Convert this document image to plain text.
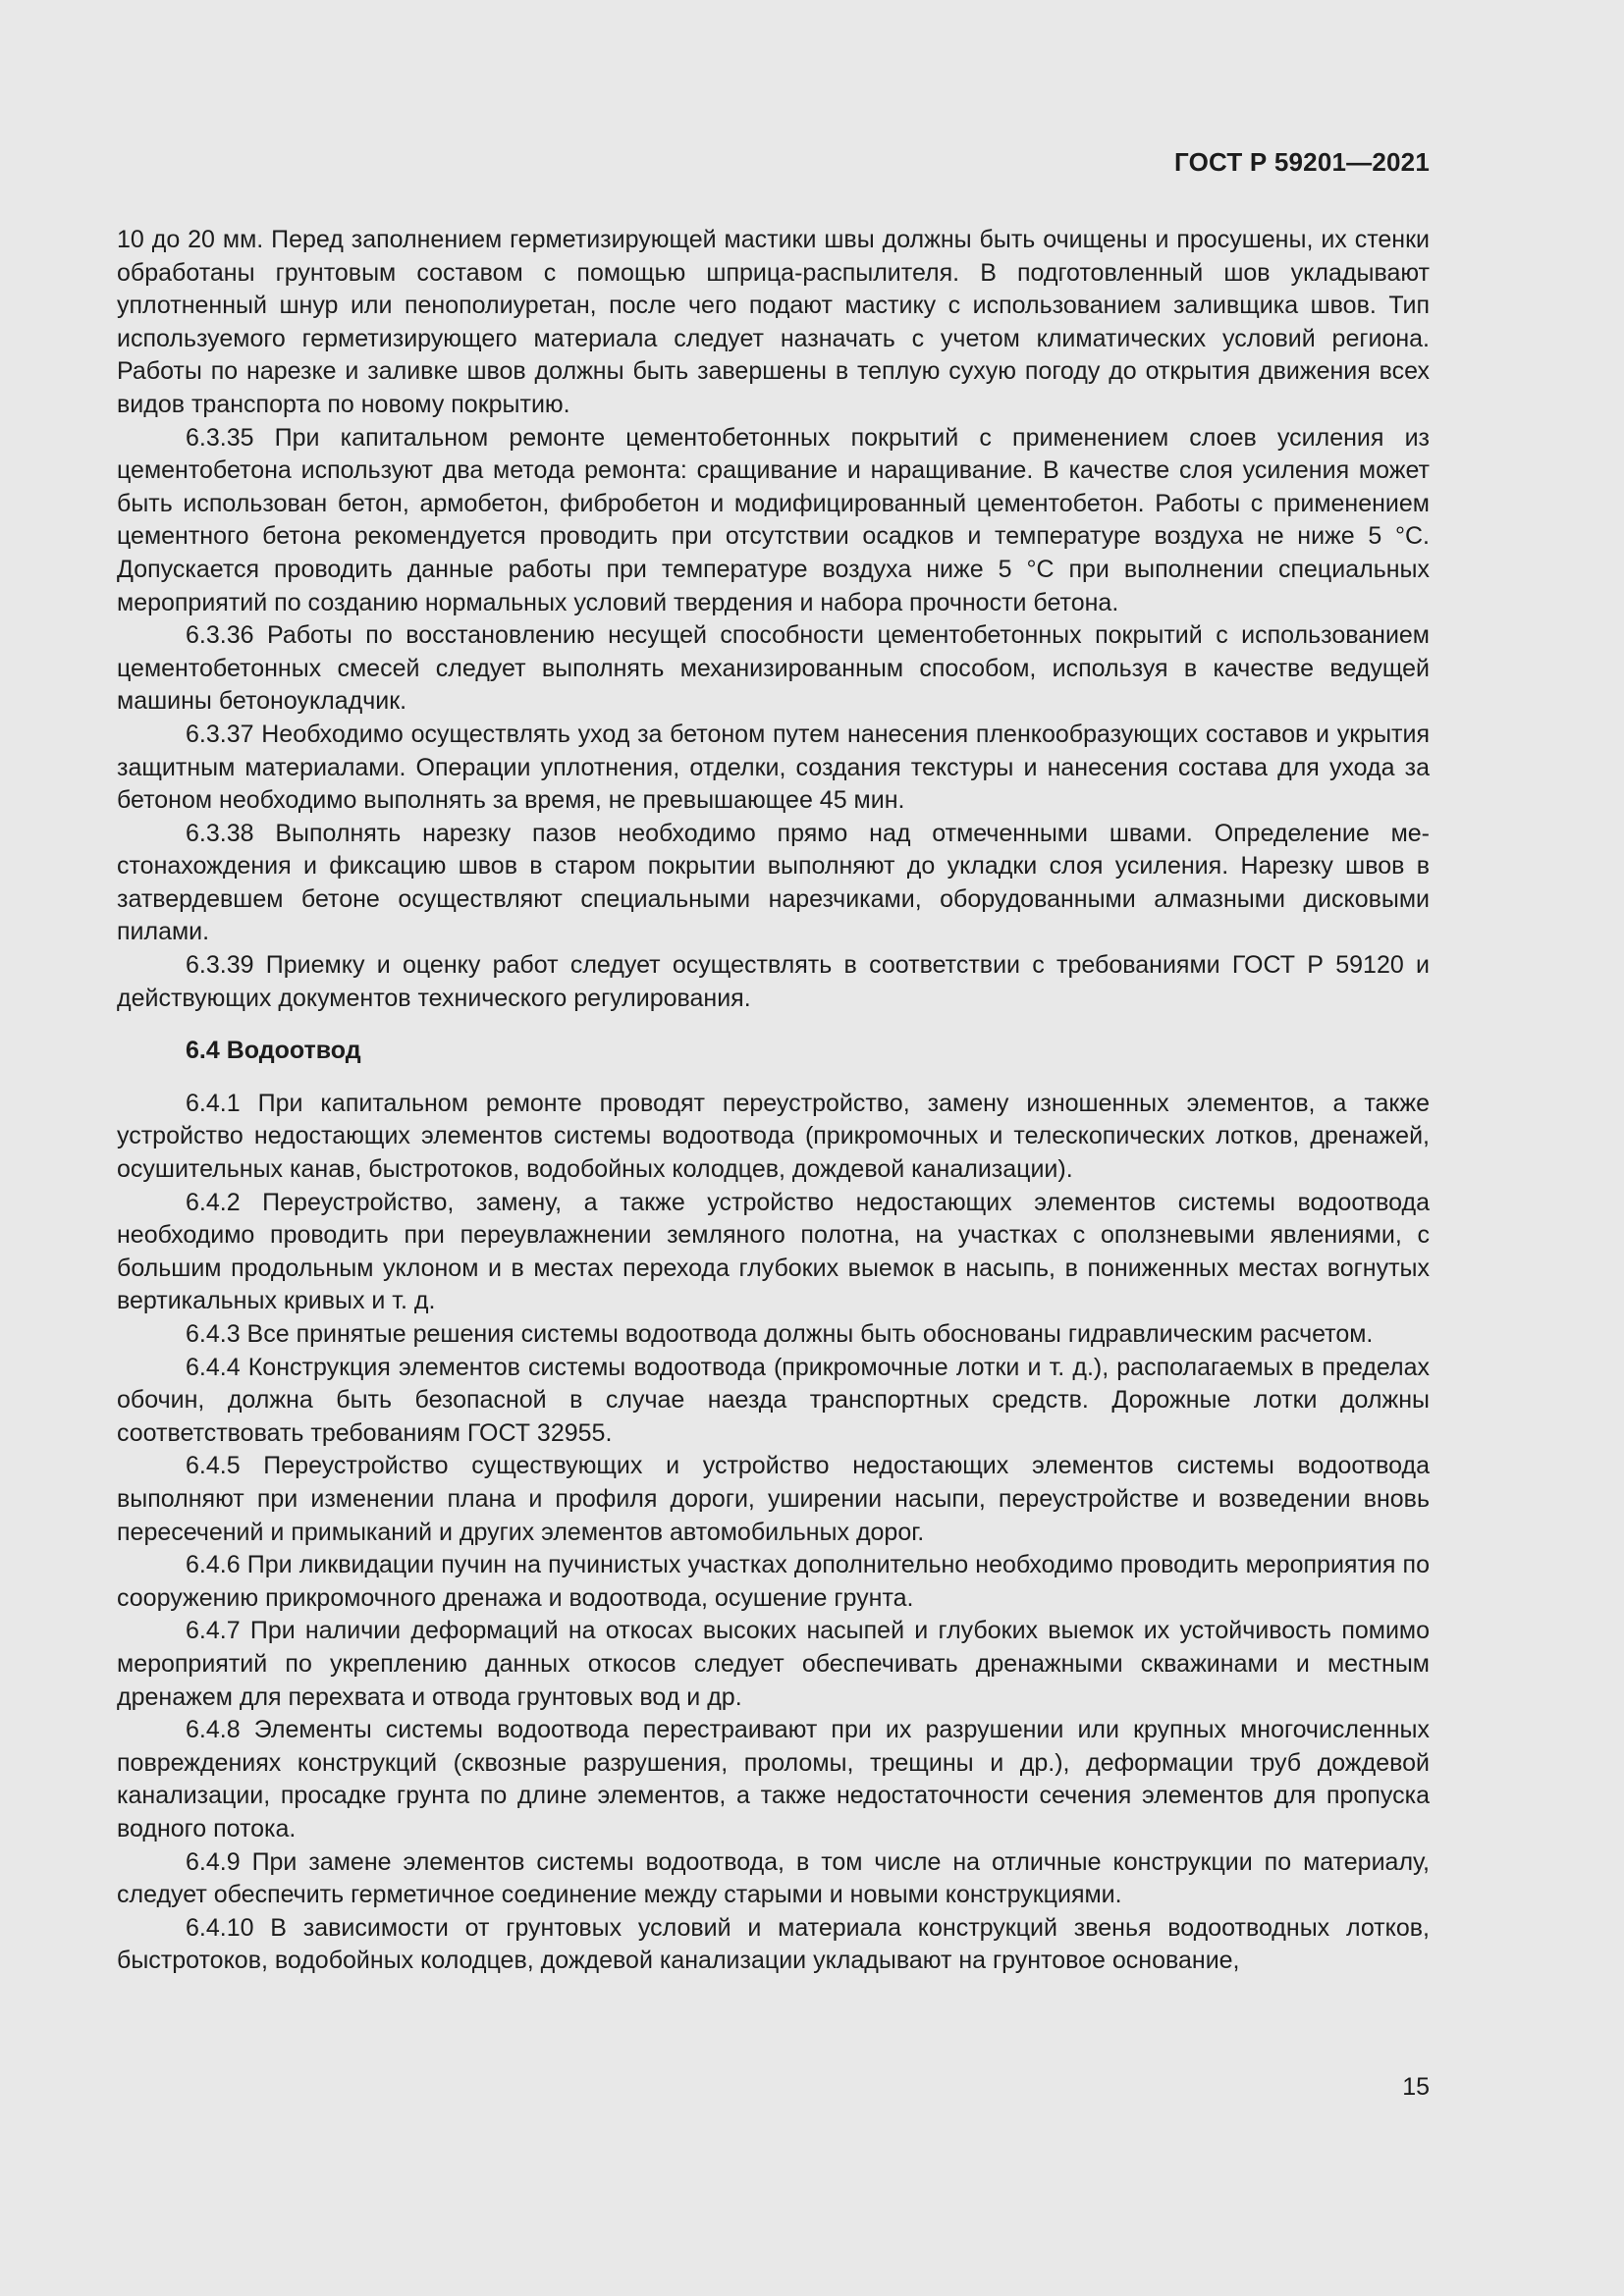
ГОСТ Р 59201—2021

10 до 20 мм. Перед заполнением герметизирующей мастики швы должны быть очищены и просушены, их стенки обработаны грунтовым составом с помощью шприца-распылителя. В подготовленный шов укладывают уплотненный шнур или пенополиуретан, после чего подают мастику с использованием заливщика швов. Тип используемого герметизирующего материала следует назначать с учетом климатических условий региона. Работы по нарезке и заливке швов должны быть завершены в теплую сухую погоду до открытия движения всех видов транспорта по новому покрытию.

6.3.35 При капитальном ремонте цементобетонных покрытий с применением слоев усиления из цементобетона используют два метода ремонта: сращивание и наращивание. В качестве слоя усиления может быть использован бетон, армобетон, фибробетон и модифицированный цементобетон. Работы с применением цементного бетона рекомендуется проводить при отсутствии осадков и температуре воздуха не ниже 5 °С. Допускается проводить данные работы при температуре воздуха ниже 5 °С при выполнении специальных мероприятий по созданию нормальных условий твердения и набора прочности бетона.

6.3.36 Работы по восстановлению несущей способности цементобетонных покрытий с использованием цементобетонных смесей следует выполнять механизированным способом, используя в качестве ведущей машины бетоноукладчик.

6.3.37 Необходимо осуществлять уход за бетоном путем нанесения пленкообразующих составов и укрытия защитным материалами. Операции уплотнения, отделки, создания текстуры и нанесения состава для ухода за бетоном необходимо выполнять за время, не превышающее 45 мин.

6.3.38 Выполнять нарезку пазов необходимо прямо над отмеченными швами. Определение местонахождения и фиксацию швов в старом покрытии выполняют до укладки слоя усиления. Нарезку швов в затвердевшем бетоне осуществляют специальными нарезчиками, оборудованными алмазными дисковыми пилами.

6.3.39 Приемку и оценку работ следует осуществлять в соответствии с требованиями ГОСТ Р 59120 и действующих документов технического регулирования.

6.4 Водоотвод

6.4.1 При капитальном ремонте проводят переустройство, замену изношенных элементов, а также устройство недостающих элементов системы водоотвода (прикромочных и телескопических лотков, дренажей, осушительных канав, быстротоков, водобойных колодцев, дождевой канализации).

6.4.2 Переустройство, замену, а также устройство недостающих элементов системы водоотвода необходимо проводить при переувлажнении земляного полотна, на участках с оползневыми явлениями, с большим продольным уклоном и в местах перехода глубоких выемок в насыпь, в пониженных местах вогнутых вертикальных кривых и т. д.

6.4.3 Все принятые решения системы водоотвода должны быть обоснованы гидравлическим расчетом.

6.4.4 Конструкция элементов системы водоотвода (прикромочные лотки и т. д.), располагаемых в пределах обочин, должна быть безопасной в случае наезда транспортных средств. Дорожные лотки должны соответствовать требованиям ГОСТ 32955.

6.4.5 Переустройство существующих и устройство недостающих элементов системы водоотвода выполняют при изменении плана и профиля дороги, уширении насыпи, переустройстве и возведении вновь пересечений и примыканий и других элементов автомобильных дорог.

6.4.6 При ликвидации пучин на пучинистых участках дополнительно необходимо проводить мероприятия по сооружению прикромочного дренажа и водоотвода, осушение грунта.

6.4.7 При наличии деформаций на откосах высоких насыпей и глубоких выемок их устойчивость помимо мероприятий по укреплению данных откосов следует обеспечивать дренажными скважинами и местным дренажем для перехвата и отвода грунтовых вод и др.

6.4.8 Элементы системы водоотвода перестраивают при их разрушении или крупных многочисленных повреждениях конструкций (сквозные разрушения, проломы, трещины и др.), деформации труб дождевой канализации, просадке грунта по длине элементов, а также недостаточности сечения элементов для пропуска водного потока.

6.4.9 При замене элементов системы водоотвода, в том числе на отличные конструкции по материалу, следует обеспечить герметичное соединение между старыми и новыми конструкциями.

6.4.10 В зависимости от грунтовых условий и материала конструкций звенья водоотводных лотков, быстротоков, водобойных колодцев, дождевой канализации укладывают на грунтовое основание,

15
